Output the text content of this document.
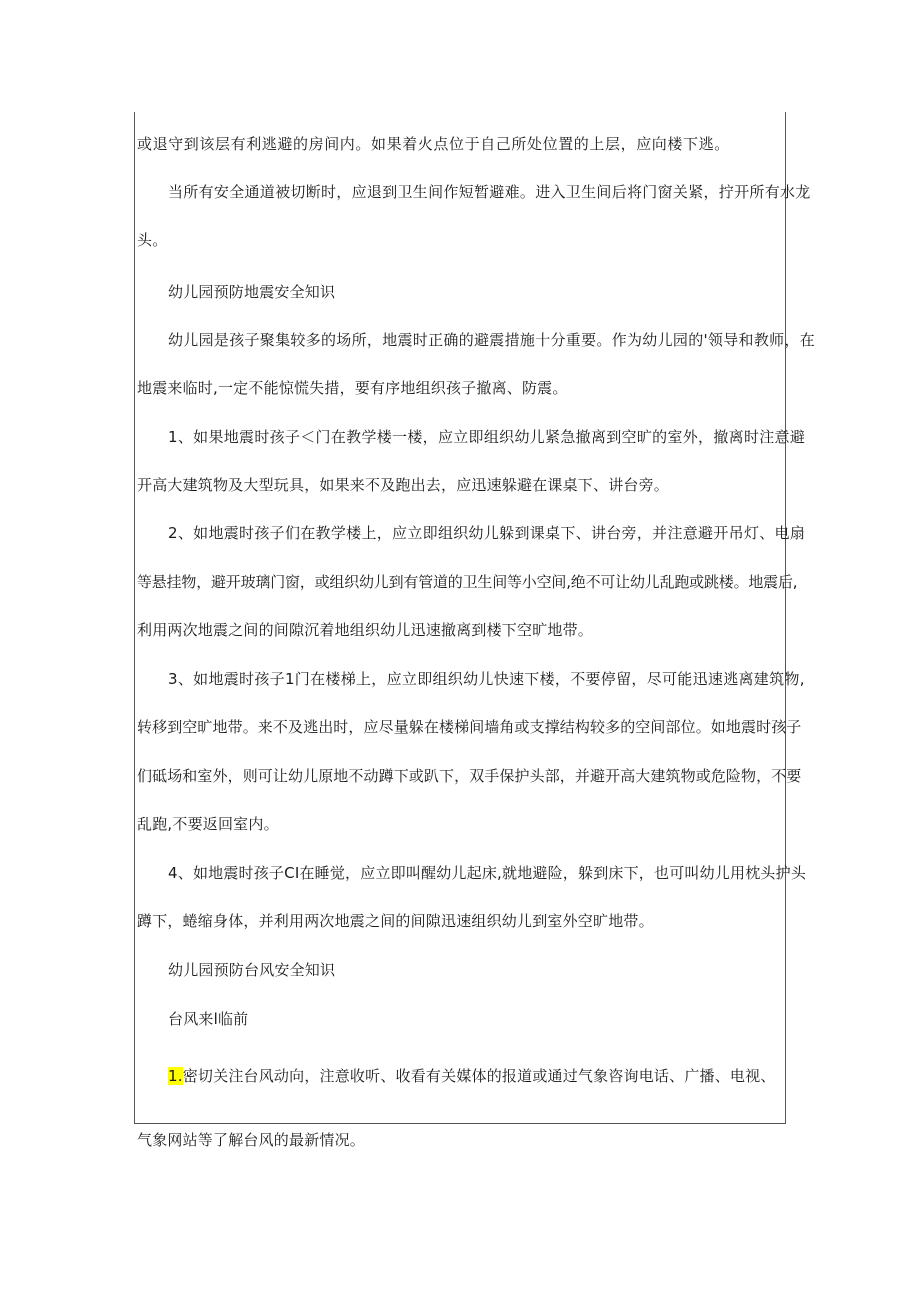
或退守到该层有利逃避的房间内。如果着火点位于自己所处位置的上层，应向楼下逃。
当所有安全通道被切断时，应退到卫生间作短暂避难。进入卫生间后将门窗关紧，拧开所有水龙
头。
幼儿园预防地震安全知识
幼儿园是孩子聚集较多的场所，地震时正确的避震措施十分重要。作为幼儿园的'领导和教师，在
地震来临时,一定不能惊慌失措，要有序地组织孩子撤离、防震。
1、如果地震时孩子＜门在教学楼一楼，应立即组织幼儿紧急撤离到空旷的室外，撤离时注意避
开高大建筑物及大型玩具，如果来不及跑出去，应迅速躲避在课桌下、讲台旁。
2、如地震时孩子们在教学楼上，应立即组织幼儿躲到课桌下、讲台旁，并注意避开吊灯、电扇
等悬挂物，避开玻璃门窗，或组织幼儿到有管道的卫生间等小空间,绝不可让幼儿乱跑或跳楼。地震后,
利用两次地震之间的间隙沉着地组织幼儿迅速撤离到楼下空旷地带。
3、如地震时孩子1门在楼梯上，应立即组织幼儿快速下楼，不要停留，尽可能迅速逃离建筑物,
转移到空旷地带。来不及逃出时，应尽量躲在楼梯间墙角或支撑结构较多的空间部位。如地震时孩子
们砥场和室外，则可让幼儿原地不动蹲下或趴下，双手保护头部，并避开高大建筑物或危险物，不要
乱跑,不要返回室内。
4、如地震时孩子CI在睡觉，应立即叫醒幼儿起床,就地避险，躲到床下，也可叫幼儿用枕头护头
蹲下，蜷缩身体，并利用两次地震之间的间隙迅速组织幼儿到室外空旷地带。
幼儿园预防台风安全知识
台风来l临前
1.密切关注台风动向，注意收听、收看有关媒体的报道或通过气象咨询电话、广播、电视、
气象网站等了解台风的最新情况。
